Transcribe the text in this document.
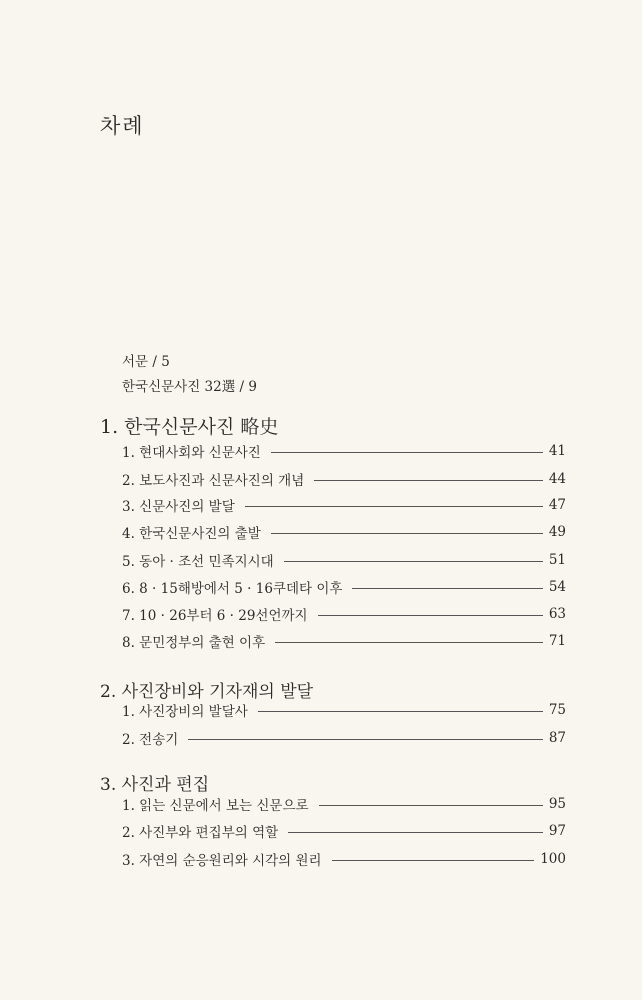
차례
서문 / 5
한국신문사진 32選 / 9
1. 한국신문사진 略史
1. 현대사회와 신문사진	41
2. 보도사진과 신문사진의 개념	44
3. 신문사진의 발달	47
4. 한국신문사진의 출발	49
5. 동아 · 조선 민족지시대	51
6. 8 · 15해방에서 5 · 16쿠데타 이후	54
7. 10 · 26부터 6 · 29선언까지	63
8. 문민정부의 출현 이후	71
2. 사진장비와 기자재의 발달
1. 사진장비의 발달사	75
2. 전송기	87
3. 사진과 편집
1. 읽는 신문에서 보는 신문으로	95
2. 사진부와 편집부의 역할	97
3. 자연의 순응원리와 시각의 원리	100
